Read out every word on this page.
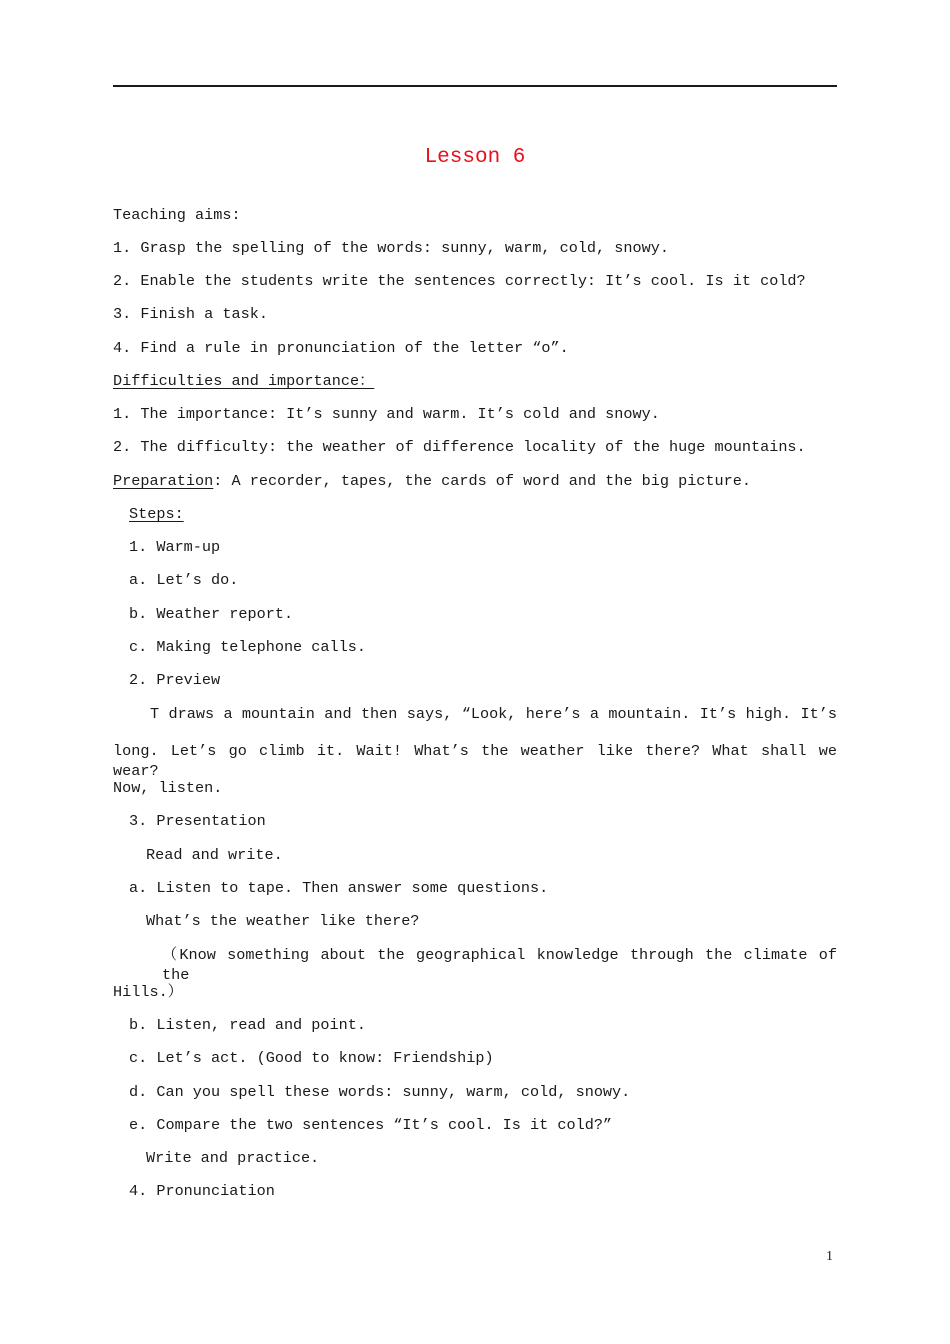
Lesson 6
Teaching aims:
1. Grasp the spelling of the words: sunny, warm, cold, snowy.
2. Enable the students write the sentences correctly: It’s cool. Is it cold?
3. Finish a task.
4. Find a rule in pronunciation of the letter “o”.
Difficulties and importance：
1. The importance: It’s sunny and warm. It’s cold and snowy.
2. The difficulty: the weather of difference locality of the huge mountains.
Preparation: A recorder, tapes, the cards of word and the big picture.
Steps:
1. Warm-up
a. Let’s do.
b. Weather report.
c. Making telephone calls.
2. Preview
T draws a mountain and then says, “Look, here’s a mountain. It’s high. It’s
long. Let’s go climb it. Wait! What’s the weather like there? What shall we wear?
Now, listen.
3. Presentation
Read and write.
a. Listen to tape. Then answer some questions.
What’s the weather like there?
（Know something about the geographical knowledge through the climate of the
Hills.）
b. Listen, read and point.
c. Let’s act. (Good to know: Friendship)
d. Can you spell these words: sunny, warm, cold, snowy.
e. Compare the two sentences “It’s cool. Is it cold?”
Write and practice.
4. Pronunciation
1
